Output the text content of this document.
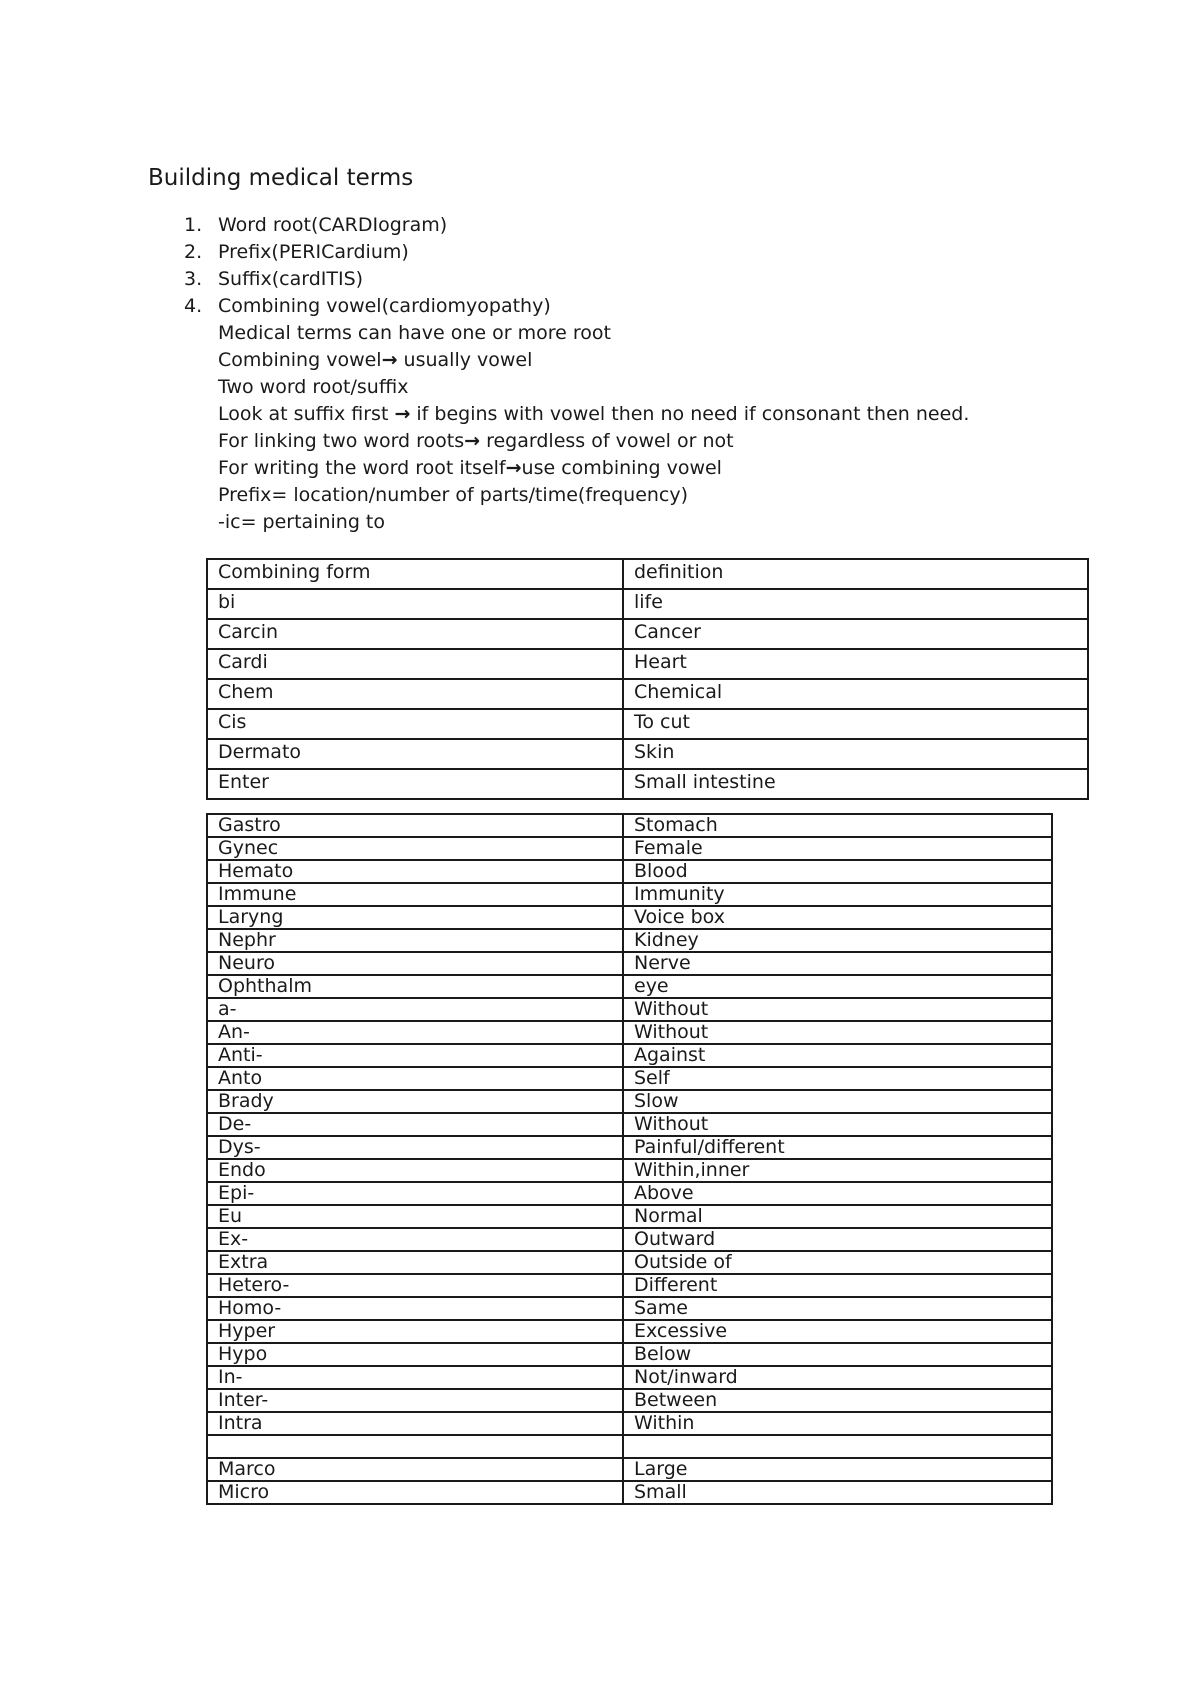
Building medical terms
1. Word root(CARDIogram)
2. Prefix(PERICardium)
3. Suffix(cardITIS)
4. Combining vowel(cardiomyopathy)
Medical terms can have one or more root
Combining vowel→ usually vowel
Two word root/suffix
Look at suffix first → if begins with vowel then no need if consonant then need.
For linking two word roots→ regardless of vowel or not
For writing the word root itself→use combining vowel
Prefix= location/number of parts/time(frequency)
-ic= pertaining to
Combining form	definition
bi	life
Carcin	Cancer
Cardi	Heart
Chem	Chemical
Cis	To cut
Dermato	Skin
Enter	Small intestine
Gastro	Stomach
Gynec	Female
Hemato	Blood
Immune	Immunity
Laryng	Voice box
Nephr	Kidney
Neuro	Nerve
Ophthalm	eye
a-	Without
An-	Without
Anti-	Against
Anto	Self
Brady	Slow
De-	Without
Dys-	Painful/different
Endo	Within,inner
Epi-	Above
Eu	Normal
Ex-	Outward
Extra	Outside of
Hetero-	Different
Homo-	Same
Hyper	Excessive
Hypo	Below
In-	Not/inward
Inter-	Between
Intra	Within

Marco	Large
Micro	Small
